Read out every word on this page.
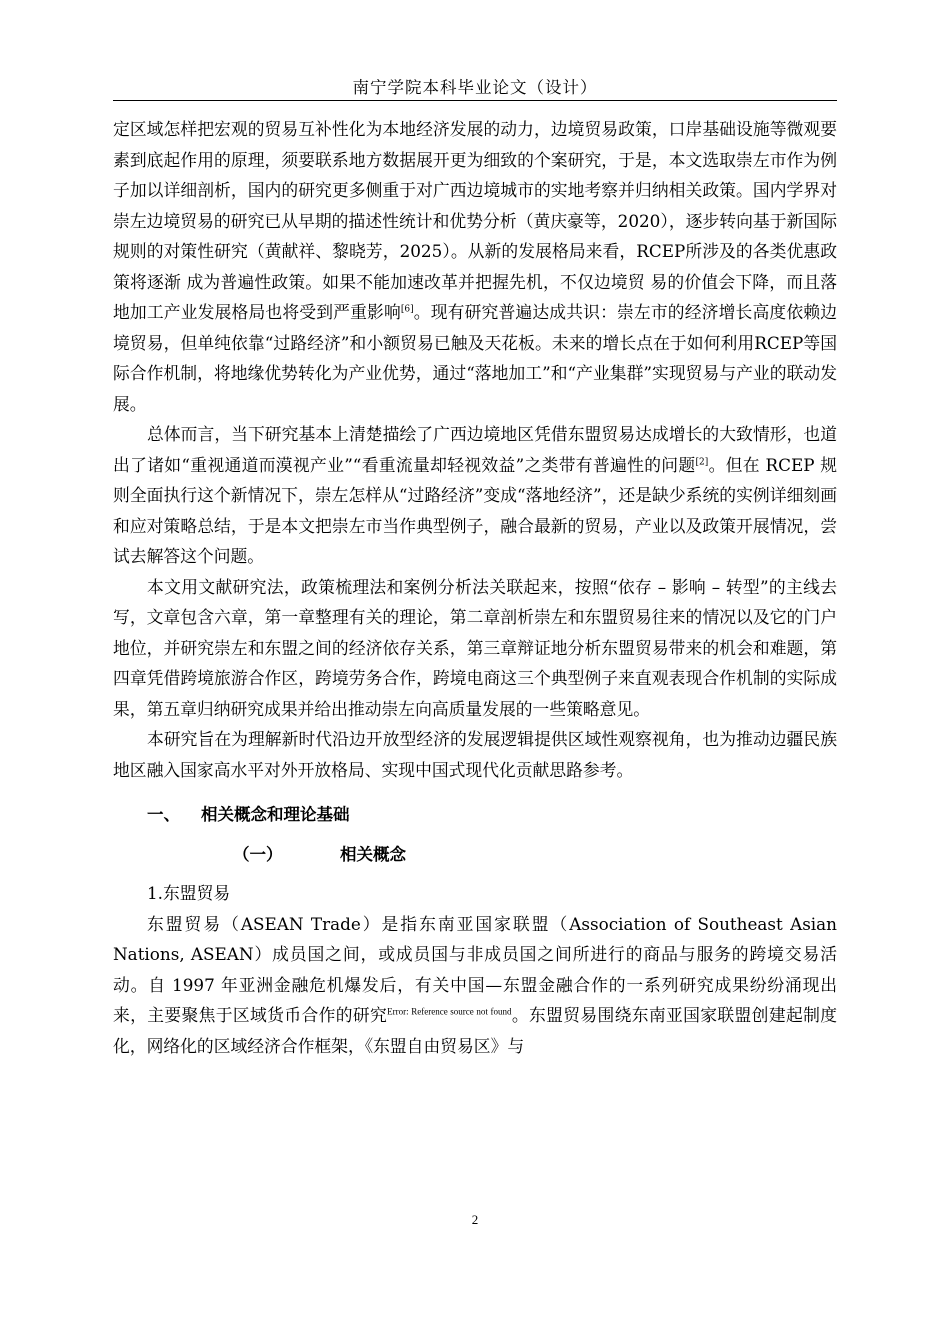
南宁学院本科毕业论文（设计）

定区域怎样把宏观的贸易互补性化为本地经济发展的动力，边境贸易政策，口岸基础设施等微观要素到底起作用的原理，须要联系地方数据展开更为细致的个案研究，于是，本文选取崇左市作为例子加以详细剖析，国内的研究更多侧重于对广西边境城市的实地考察并归纳相关政策。国内学界对崇左边境贸易的研究已从早期的描述性统计和优势分析（黄庆豪等，2020），逐步转向基于新国际规则的对策性研究（黄献祥、黎晓芳，2025）。从新的发展格局来看，RCEP所涉及的各类优惠政策将逐渐 成为普遍性政策。如果不能加速改革并把握先机，不仅边境贸 易的价值会下降，而且落地加工产业发展格局也将受到严重影响[6]。现有研究普遍达成共识：崇左市的经济增长高度依赖边境贸易，但单纯依靠“过路经济”和小额贸易已触及天花板。未来的增长点在于如何利用RCEP等国际合作机制，将地缘优势转化为产业优势，通过“落地加工”和“产业集群”实现贸易与产业的联动发展。

总体而言，当下研究基本上清楚描绘了广西边境地区凭借东盟贸易达成增长的大致情形，也道出了诸如“重视通道而漠视产业”“看重流量却轻视效益”之类带有普遍性的问题[2]。但在 RCEP 规则全面执行这个新情况下，崇左怎样从“过路经济”变成“落地经济”，还是缺少系统的实例详细刻画和应对策略总结，于是本文把崇左市当作典型例子，融合最新的贸易，产业以及政策开展情况，尝试去解答这个问题。

本文用文献研究法，政策梳理法和案例分析法关联起来，按照“依存 – 影响 – 转型”的主线去写，文章包含六章，第一章整理有关的理论，第二章剖析崇左和东盟贸易往来的情况以及它的门户地位，并研究崇左和东盟之间的经济依存关系，第三章辩证地分析东盟贸易带来的机会和难题，第四章凭借跨境旅游合作区，跨境劳务合作，跨境电商这三个典型例子来直观表现合作机制的实际成果，第五章归纳研究成果并给出推动崇左向高质量发展的一些策略意见。

本研究旨在为理解新时代沿边开放型经济的发展逻辑提供区域性观察视角，也为推动边疆民族地区融入国家高水平对外开放格局、实现中国式现代化贡献思路参考。

一、 相关概念和理论基础

（一）	相关概念

1.东盟贸易

东盟贸易（ASEAN Trade）是指东南亚国家联盟（Association of Southeast Asian Nations, ASEAN）成员国之间，或成员国与非成员国之间所进行的商品与服务的跨境交易活动。自 1997 年亚洲金融危机爆发后，有关中国—东盟金融合作的一系列研究成果纷纷涌现出来，主要聚焦于区域货币合作的研究$^{Error: Reference source not found}$。东盟贸易围绕东南亚国家联盟创建起制度化，网络化的区域经济合作框架，《东盟自由贸易区》与

2
